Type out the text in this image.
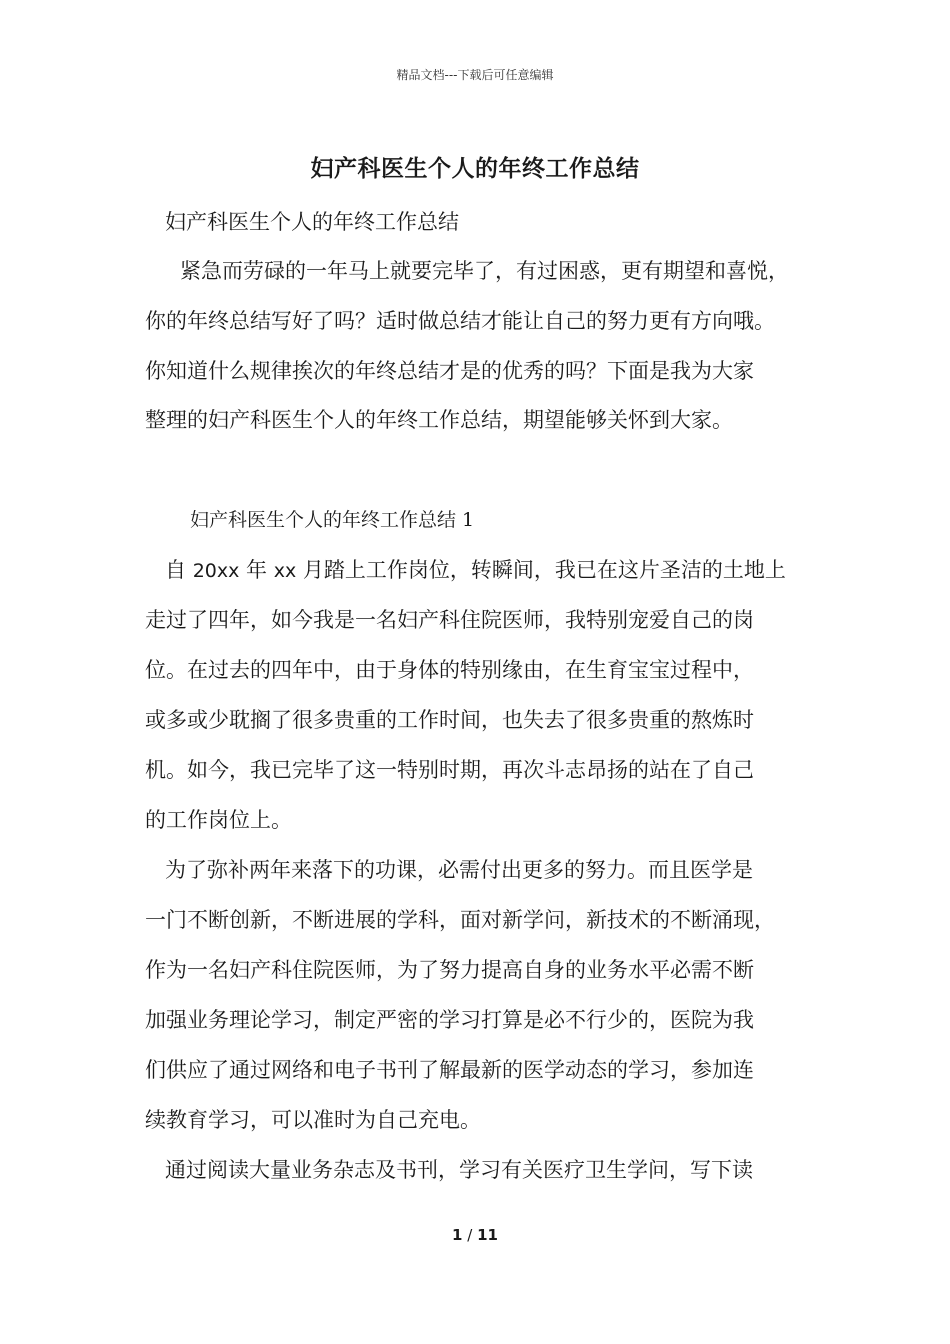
精品文档---下载后可任意编辑
妇产科医生个人的年终工作总结
妇产科医生个人的年终工作总结
紧急而劳碌的一年马上就要完毕了，有过困惑，更有期望和喜悦，
你的年终总结写好了吗？适时做总结才能让自己的努力更有方向哦。
你知道什么规律挨次的年终总结才是的优秀的吗？下面是我为大家
整理的妇产科医生个人的年终工作总结，期望能够关怀到大家。
妇产科医生个人的年终工作总结 1
自 20xx 年 xx 月踏上工作岗位，转瞬间，我已在这片圣洁的土地上
走过了四年，如今我是一名妇产科住院医师，我特别宠爱自己的岗
位。在过去的四年中，由于身体的特别缘由，在生育宝宝过程中，
或多或少耽搁了很多贵重的工作时间，也失去了很多贵重的熬炼时
机。如今，我已完毕了这一特别时期，再次斗志昂扬的站在了自己
的工作岗位上。
为了弥补两年来落下的功课，必需付出更多的努力。而且医学是
一门不断创新，不断进展的学科，面对新学问，新技术的不断涌现，
作为一名妇产科住院医师，为了努力提高自身的业务水平必需不断
加强业务理论学习，制定严密的学习打算是必不行少的，医院为我
们供应了通过网络和电子书刊了解最新的医学动态的学习，参加连
续教育学习，可以准时为自己充电。
通过阅读大量业务杂志及书刊，学习有关医疗卫生学问，写下读
1 / 11
